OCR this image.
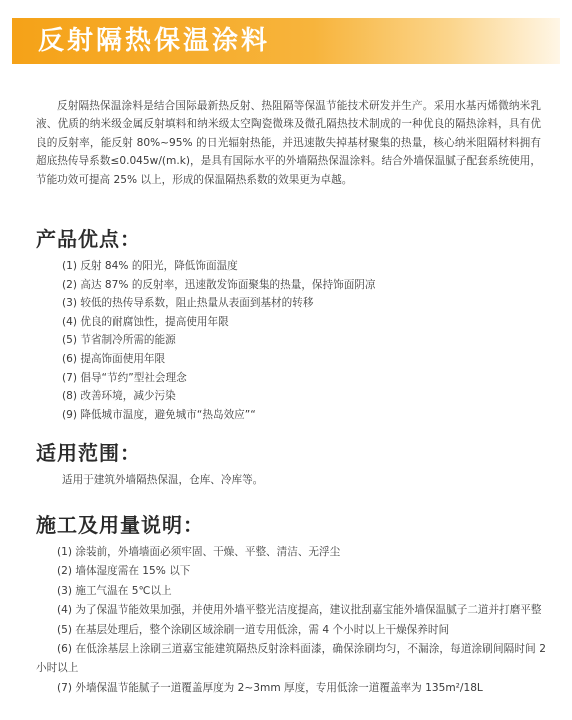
反射隔热保温涂料

反射隔热保温涂料是结合国际最新热反射、热阻隔等保温节能技术研发并生产。采用水基丙烯微纳米乳液、优质的纳米级金属反射填料和纳米级太空陶瓷微珠及微孔隔热技术制成的一种优良的隔热涂料，具有优良的反射率，能反射 80%~95% 的日光辐射热能，并迅速散失掉基材聚集的热量，核心纳米阻隔材料拥有超底热传导系数≤0.045w/(m.k)，是具有国际水平的外墙隔热保温涂料。结合外墙保温腻子配套系统使用，节能功效可提高 25% 以上，形成的保温隔热系数的效果更为卓越。

产品优点：
(1) 反射 84% 的阳光，降低饰面温度
(2) 高达 87% 的反射率，迅速散发饰面聚集的热量，保持饰面阴凉
(3) 较低的热传导系数，阻止热量从表面到基材的转移
(4) 优良的耐腐蚀性，提高使用年限
(5) 节省制冷所需的能源
(6) 提高饰面使用年限
(7) 倡导“节约”型社会理念
(8) 改善环境，减少污染
(9) 降低城市温度，避免城市“热岛效应”“
适用范围：

适用于建筑外墙隔热保温，仓库、冷库等。

施工及用量说明：
(1) 涂装前，外墙墙面必须牢固、干燥、平整、清洁、无浮尘
(2) 墙体湿度需在 15% 以下
(3) 施工气温在 5℃以上
(4) 为了保温节能效果加强，并使用外墙平整光洁度提高，建议批刮嘉宝能外墙保温腻子二道并打磨平整
(5) 在基层处理后，整个涂刷区域涂刷一道专用低涂，需 4 个小时以上干燥保养时间
(6) 在低涂基层上涂刷三道嘉宝能建筑隔热反射涂料面漆，确保涂刷均匀，不漏涂，每道涂刷间隔时间 2 小时以上
(7) 外墙保温节能腻子一道覆盖厚度为 2~3mm 厚度，专用低涂一道覆盖率为 135m²/18L
